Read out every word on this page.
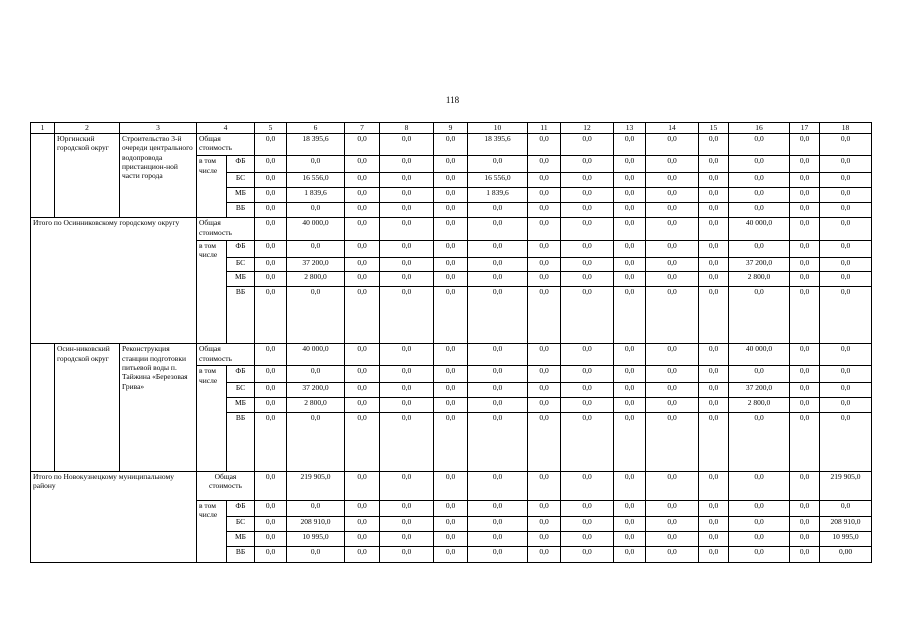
118
1	2	3	4		5	6	7	8	9	10	11	12	13	14	15	16	17	18
	Юргинский городской округ	Строительство 3-й очереди центрального водопровода пристанцион-ной части города	Общая стоимость		0,0	18 395,6	0,0	0,0	0,0	18 395,6	0,0	0,0	0,0	0,0	0,0	0,0	0,0	0,0
			в том числе	ФБ	0,0	0,0	0,0	0,0	0,0	0,0	0,0	0,0	0,0	0,0	0,0	0,0	0,0	0,0
				БС	0,0	16 556,0	0,0	0,0	0,0	16 556,0	0,0	0,0	0,0	0,0	0,0	0,0	0,0	0,0
				МБ	0,0	1 839,6	0,0	0,0	0,0	1 839,6	0,0	0,0	0,0	0,0	0,0	0,0	0,0	0,0
				ВБ	0,0	0,0	0,0	0,0	0,0	0,0	0,0	0,0	0,0	0,0	0,0	0,0	0,0	0,0
Итого по Осинниковскому городскому округу			Общая стоимость		0,0	40 000,0	0,0	0,0	0,0	0,0	0,0	0,0	0,0	0,0	0,0	40 000,0	0,0	0,0
			в том числе	ФБ	0,0	0,0	0,0	0,0	0,0	0,0	0,0	0,0	0,0	0,0	0,0	0,0	0,0	0,0
				БС	0,0	37 200,0	0,0	0,0	0,0	0,0	0,0	0,0	0,0	0,0	0,0	37 200,0	0,0	0,0
				МБ	0,0	2 800,0	0,0	0,0	0,0	0,0	0,0	0,0	0,0	0,0	0,0	2 800,0	0,0	0,0
				ВБ	0,0	0,0	0,0	0,0	0,0	0,0	0,0	0,0	0,0	0,0	0,0	0,0	0,0	0,0
	Осин-никовский городской округ	Реконструкция станции подготовки питьевой воды п. Тайжина «Березовая Грива»	Общая стоимость		0,0	40 000,0	0,0	0,0	0,0	0,0	0,0	0,0	0,0	0,0	0,0	40 000,0	0,0	0,0
			в том числе	ФБ	0,0	0,0	0,0	0,0	0,0	0,0	0,0	0,0	0,0	0,0	0,0	0,0	0,0	0,0
				БС	0,0	37 200,0	0,0	0,0	0,0	0,0	0,0	0,0	0,0	0,0	0,0	37 200,0	0,0	0,0
				МБ	0,0	2 800,0	0,0	0,0	0,0	0,0	0,0	0,0	0,0	0,0	0,0	2 800,0	0,0	0,0
				ВБ	0,0	0,0	0,0	0,0	0,0	0,0	0,0	0,0	0,0	0,0	0,0	0,0	0,0	0,0
Итого по Новокузнецкому муниципальному району			Общая стоимость		0,0	219 905,0	0,0	0,0	0,0	0,0	0,0	0,0	0,0	0,0	0,0	0,0	0,0	219 905,0
			в том числе	ФБ	0,0	0,0	0,0	0,0	0,0	0,0	0,0	0,0	0,0	0,0	0,0	0,0	0,0	0,0
				БС	0,0	208 910,0	0,0	0,0	0,0	0,0	0,0	0,0	0,0	0,0	0,0	0,0	0,0	208 910,0
				МБ	0,0	10 995,0	0,0	0,0	0,0	0,0	0,0	0,0	0,0	0,0	0,0	0,0	0,0	10 995,0
				ВБ	0,0	0,0	0,0	0,0	0,0	0,0	0,0	0,0	0,0	0,0	0,0	0,0	0,0	0,00
